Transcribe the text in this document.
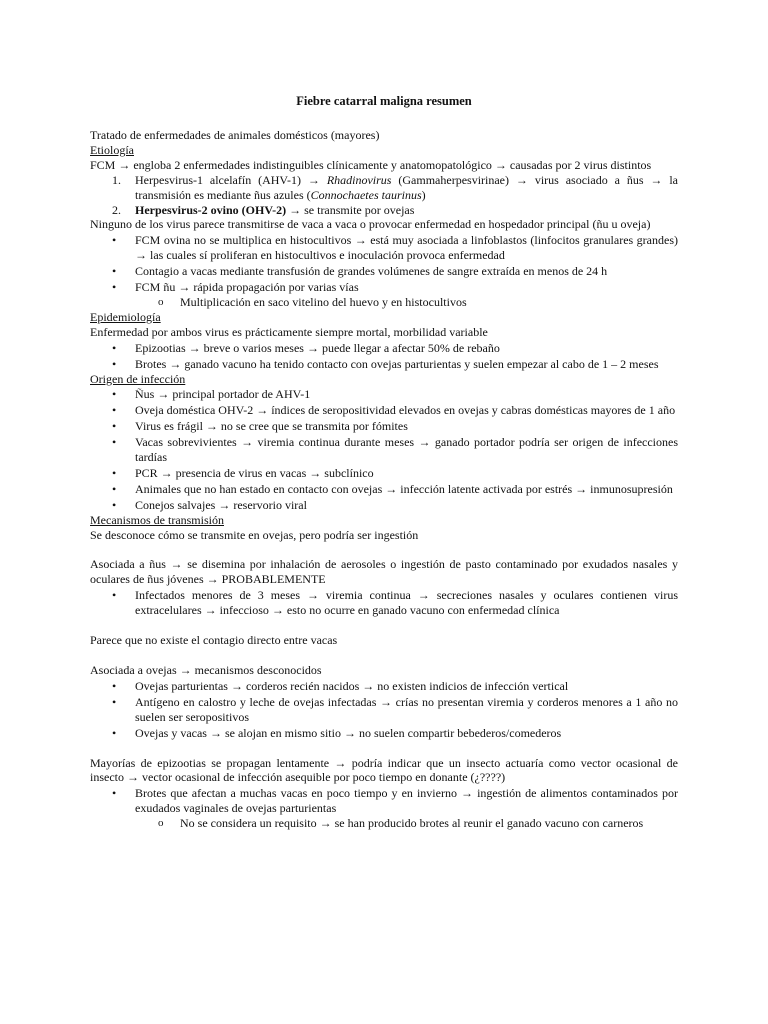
Fiebre catarral maligna resumen

Tratado de enfermedades de animales domésticos (mayores)

Etiología

FCM → engloba 2 enfermedades indistinguibles clínicamente y anatomopatológico → causadas por 2 virus distintos

1. Herpesvirus-1 alcelafín (AHV-1) → Rhadinovirus (Gammaherpesvirinae) → virus asociado a ñus → la transmisión es mediante ñus azules (Connochaetes taurinus)
2. Herpesvirus-2 ovino (OHV-2) → se transmite por ovejas

Ninguno de los virus parece transmitirse de vaca a vaca o provocar enfermedad en hospedador principal (ñu u oveja)

• FCM ovina no se multiplica en histocultivos → está muy asociada a linfoblastos (linfocitos granulares grandes) → las cuales sí proliferan en histocultivos e inoculación provoca enfermedad
• Contagio a vacas mediante transfusión de grandes volúmenes de sangre extraída en menos de 24 h
• FCM ñu → rápida propagación por varias vías
o Multiplicación en saco vitelino del huevo y en histocultivos

Epidemiología

Enfermedad por ambos virus es prácticamente siempre mortal, morbilidad variable

• Epizootias → breve o varios meses → puede llegar a afectar 50% de rebaño
• Brotes → ganado vacuno ha tenido contacto con ovejas parturientas y suelen empezar al cabo de 1 – 2 meses

Origen de infección

• Ñus → principal portador de AHV-1
• Oveja doméstica OHV-2 → índices de seropositividad elevados en ovejas y cabras domésticas mayores de 1 año
• Virus es frágil → no se cree que se transmita por fómites
• Vacas sobrevivientes → viremia continua durante meses → ganado portador podría ser origen de infecciones tardías
• PCR → presencia de virus en vacas → subclínico
• Animales que no han estado en contacto con ovejas → infección latente activada por estrés → inmunosupresión
• Conejos salvajes → reservorio viral

Mecanismos de transmisión

Se desconoce cómo se transmite en ovejas, pero podría ser ingestión

Asociada a ñus → se disemina por inhalación de aerosoles o ingestión de pasto contaminado por exudados nasales y oculares de ñus jóvenes → PROBABLEMENTE

• Infectados menores de 3 meses → viremia continua → secreciones nasales y oculares contienen virus extracelulares → infeccioso → esto no ocurre en ganado vacuno con enfermedad clínica

Parece que no existe el contagio directo entre vacas

Asociada a ovejas → mecanismos desconocidos

• Ovejas parturientas → corderos recién nacidos → no existen indicios de infección vertical
• Antígeno en calostro y leche de ovejas infectadas → crías no presentan viremia y corderos menores a 1 año no suelen ser seropositivos
• Ovejas y vacas → se alojan en mismo sitio → no suelen compartir bebederos/comederos

Mayorías de epizootias se propagan lentamente → podría indicar que un insecto actuaría como vector ocasional de insecto → vector ocasional de infección asequible por poco tiempo en donante (¿????)

• Brotes que afectan a muchas vacas en poco tiempo y en invierno → ingestión de alimentos contaminados por exudados vaginales de ovejas parturientas
o No se considera un requisito → se han producido brotes al reunir el ganado vacuno con carneros
